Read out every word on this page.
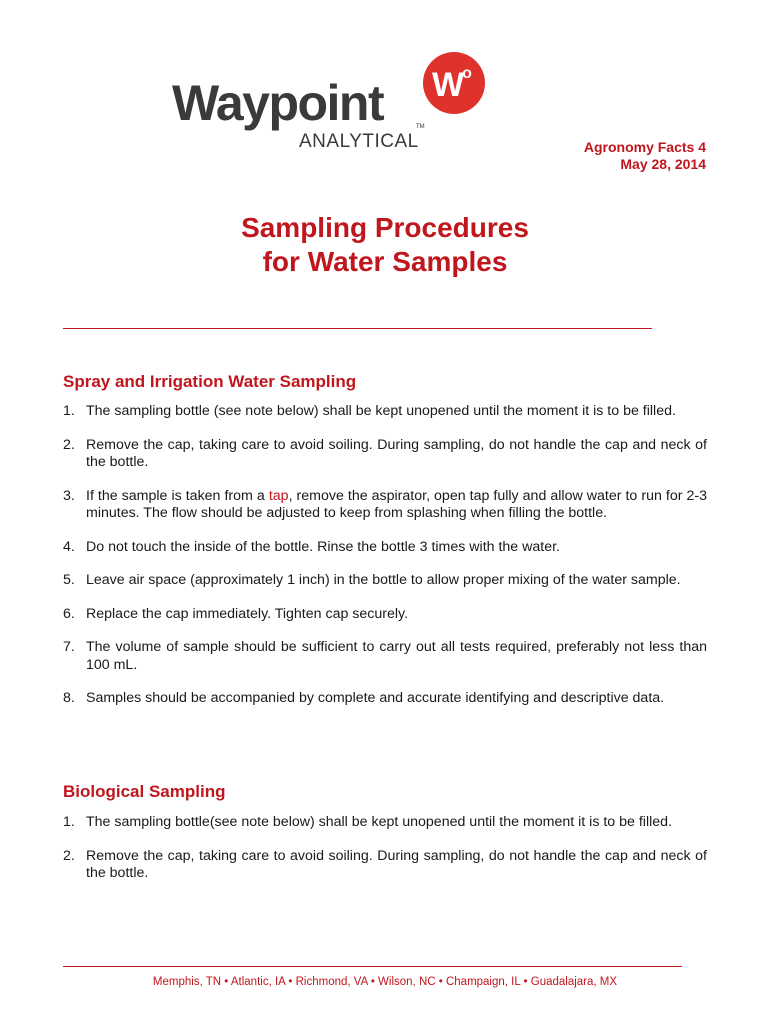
Waypoint
ANALYTICAL
TM
W
o
Agronomy Facts 4
May 28, 2014
Sampling Procedures
for Water Samples
Spray and Irrigation Water Sampling
1. The sampling bottle (see note below) shall be kept unopened until the moment it is to be filled.
2. Remove the cap, taking care to avoid soiling. During sampling, do not handle the cap and neck of the bottle.
3. If the sample is taken from a tap, remove the aspirator, open tap fully and allow water to run for 2-3 minutes. The flow should be adjusted to keep from splashing when filling the bottle.
4. Do not touch the inside of the bottle. Rinse the bottle 3 times with the water.
5. Leave air space (approximately 1 inch) in the bottle to allow proper mixing of the water sample.
6. Replace the cap immediately. Tighten cap securely.
7. The volume of sample should be sufficient to carry out all tests required, preferably not less than 100 mL.
8. Samples should be accompanied by complete and accurate identifying and descriptive data.
Biological Sampling
1. The sampling bottle(see note below) shall be kept unopened until the moment it is to be filled.
2. Remove the cap, taking care to avoid soiling. During sampling, do not handle the cap and neck of the bottle.
Memphis, TN • Atlantic, IA • Richmond, VA • Wilson, NC • Champaign, IL • Guadalajara, MX
